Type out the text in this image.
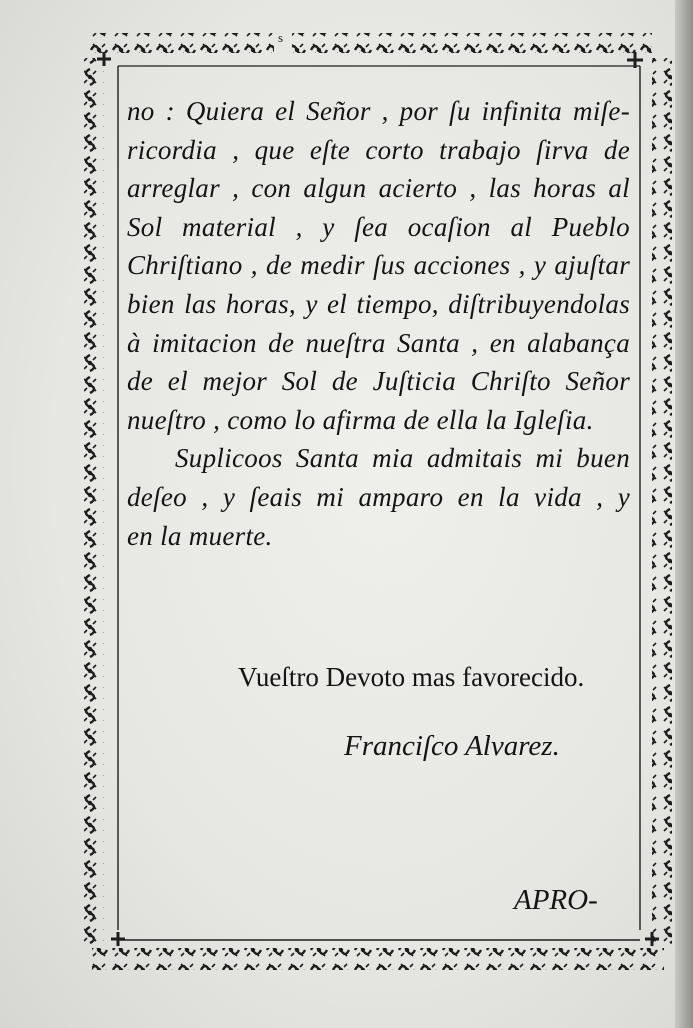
s
no : Quiera el Señor , por ſu infinita miſe-
ricordia , que eſte corto trabajo ſirva de
arreglar , con algun acierto , las horas al
Sol material , y ſea ocaſion al Pueblo
Chriſtiano , de medir ſus acciones , y ajuſtar
bien las horas, y el tiempo, diſtribuyendolas
à imitacion de nueſtra Santa , en alabança
de el mejor Sol de Juſticia Chriſto Señor
nueſtro , como lo afirma de ella la Igleſia.
Suplicoos Santa mia admitais mi buen
deſeo , y ſeais mi amparo en la vida , y
en la muerte.
Vueſtro Devoto mas favorecido.
Franciſco Alvarez.
APRO-
